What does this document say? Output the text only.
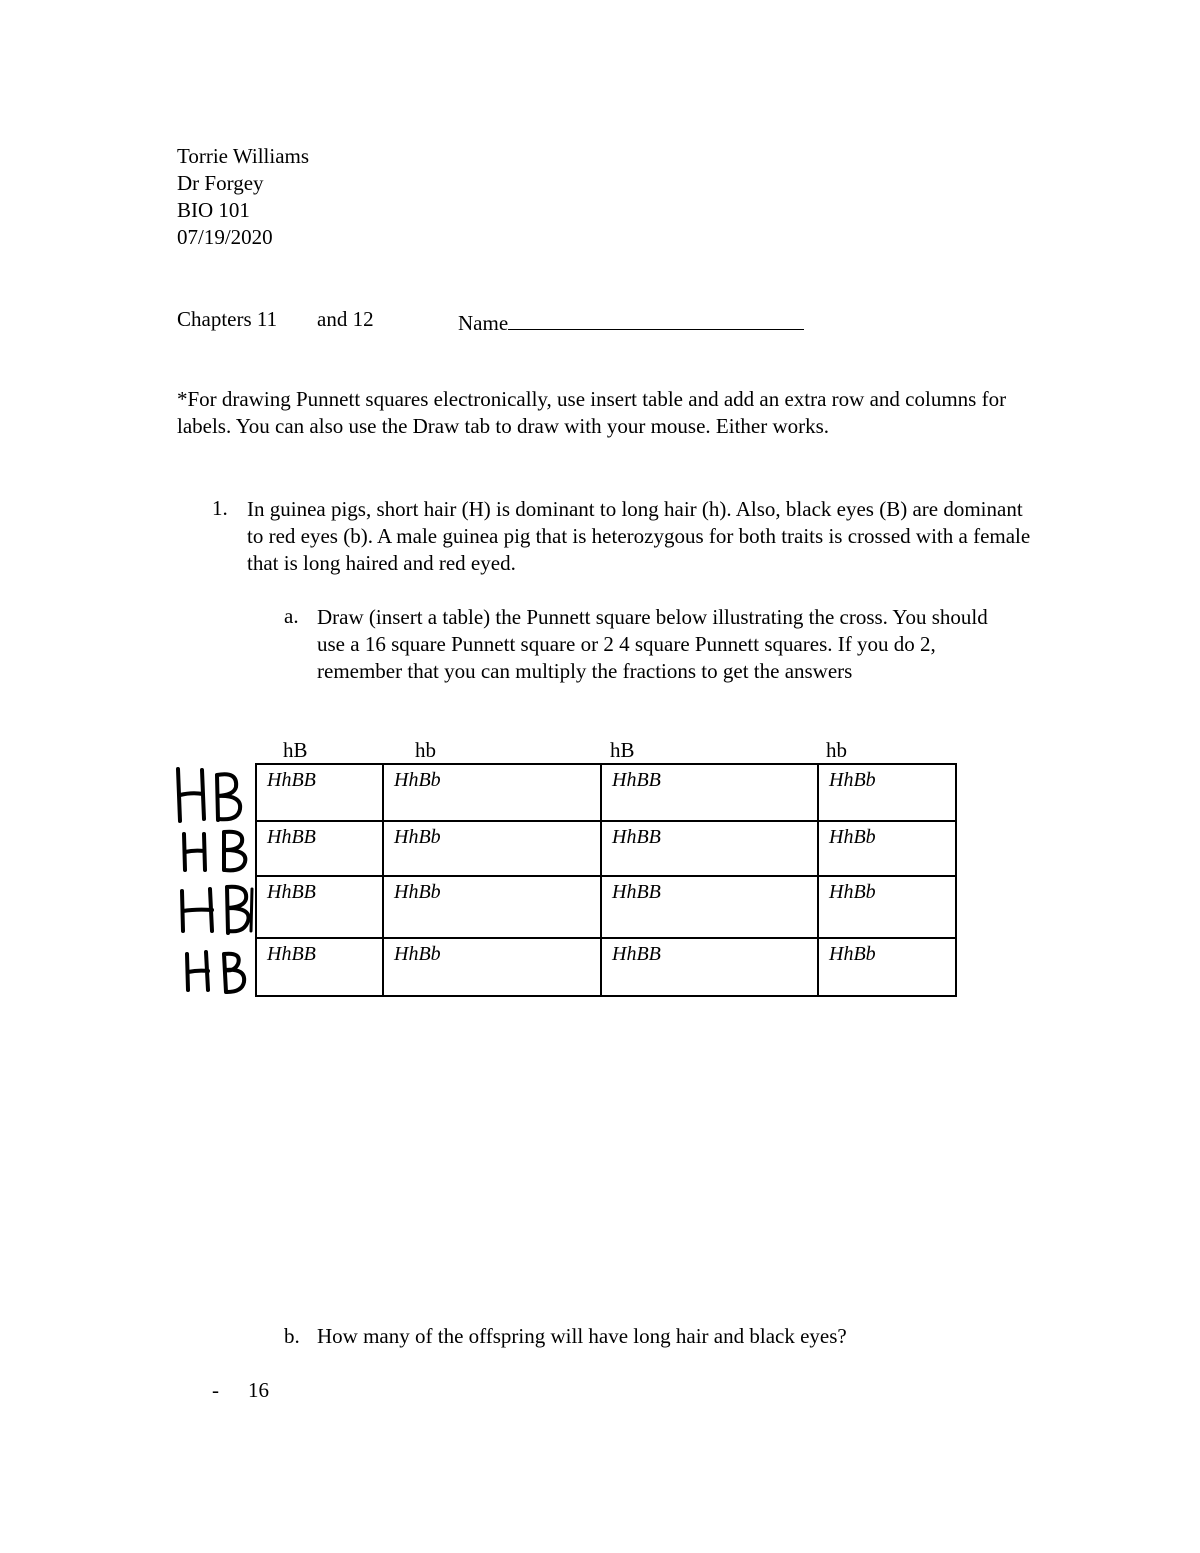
Torrie Williams
Dr Forgey
BIO 101
07/19/2020
Chapters 11 and 12	Name
*For drawing Punnett squares electronically, use insert table and add an extra row and columns for labels. You can also use the Draw tab to draw with your mouse. Either works.
1. In guinea pigs, short hair (H) is dominant to long hair (h). Also, black eyes (B) are dominant to red eyes (b). A male guinea pig that is heterozygous for both traits is crossed with a female that is long haired and red eyed.
a. Draw (insert a table) the Punnett square below illustrating the cross. You should use a 16 square Punnett square or 2 4 square Punnett squares. If you do 2, remember that you can multiply the fractions to get the answers
hB	hb	hB	hb
HhBB	HhBb	HhBB	HhBb
HhBB	HhBb	HhBB	HhBb
HhBB	HhBb	HhBB	HhBb
HhBB	HhBb	HhBB	HhBb
b. How many of the offspring will have long hair and black eyes?
- 16
